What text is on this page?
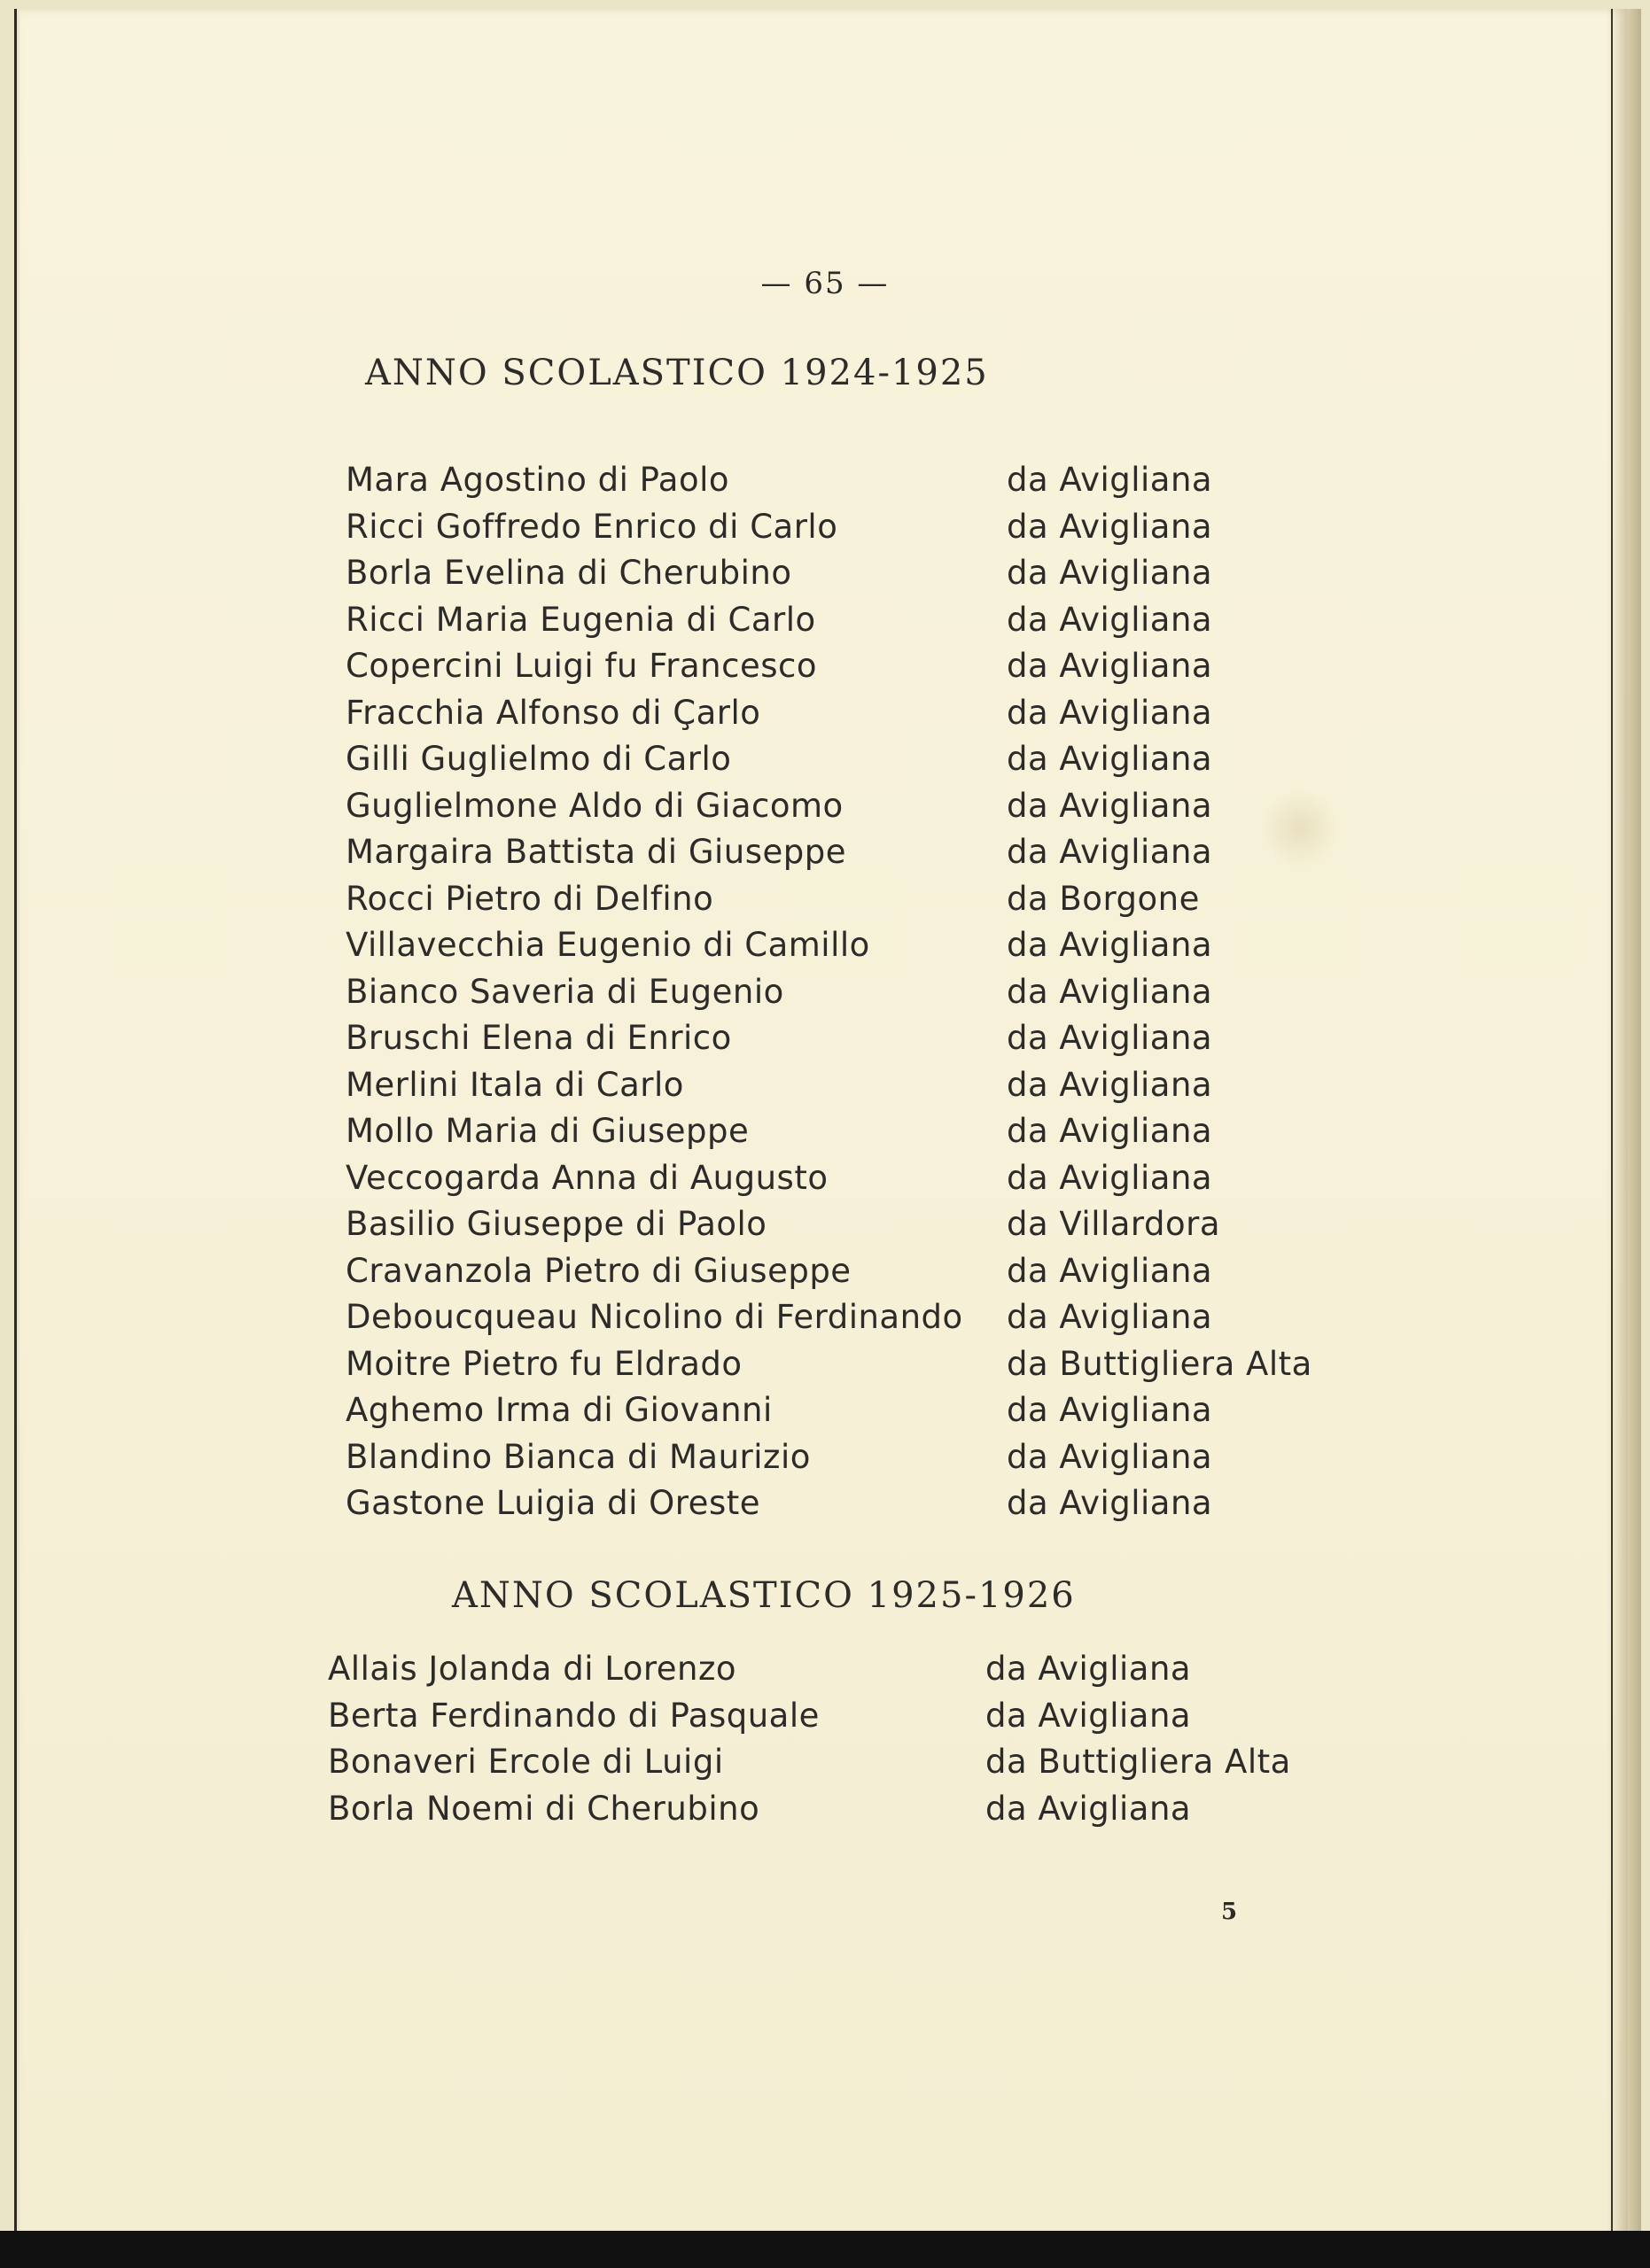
— 65 —
ANNO SCOLASTICO 1924-1925
Mara Agostino di Paolo	da Avigliana
Ricci Goffredo Enrico di Carlo	da Avigliana
Borla Evelina di Cherubino	da Avigliana
Ricci Maria Eugenia di Carlo	da Avigliana
Copercini Luigi fu Francesco	da Avigliana
Fracchia Alfonso di Çarlo	da Avigliana
Gilli Guglielmo di Carlo	da Avigliana
Guglielmone Aldo di Giacomo	da Avigliana
Margaira Battista di Giuseppe	da Avigliana
Rocci Pietro di Delfino	da Borgone
Villavecchia Eugenio di Camillo	da Avigliana
Bianco Saveria di Eugenio	da Avigliana
Bruschi Elena di Enrico	da Avigliana
Merlini Itala di Carlo	da Avigliana
Mollo Maria di Giuseppe	da Avigliana
Veccogarda Anna di Augusto	da Avigliana
Basilio Giuseppe di Paolo	da Villardora
Cravanzola Pietro di Giuseppe	da Avigliana
Deboucqueau Nicolino di Ferdinando da Avigliana
Moitre Pietro fu Eldrado	da Buttigliera Alta
Aghemo Irma di Giovanni	da Avigliana
Blandino Bianca di Maurizio	da Avigliana
Gastone Luigia di Oreste	da Avigliana
ANNO SCOLASTICO 1925-1926
Allais Jolanda di Lorenzo	da Avigliana
Berta Ferdinando di Pasquale	da Avigliana
Bonaveri Ercole di Luigi	da Buttigliera Alta
Borla Noemi di Cherubino	da Avigliana
5
